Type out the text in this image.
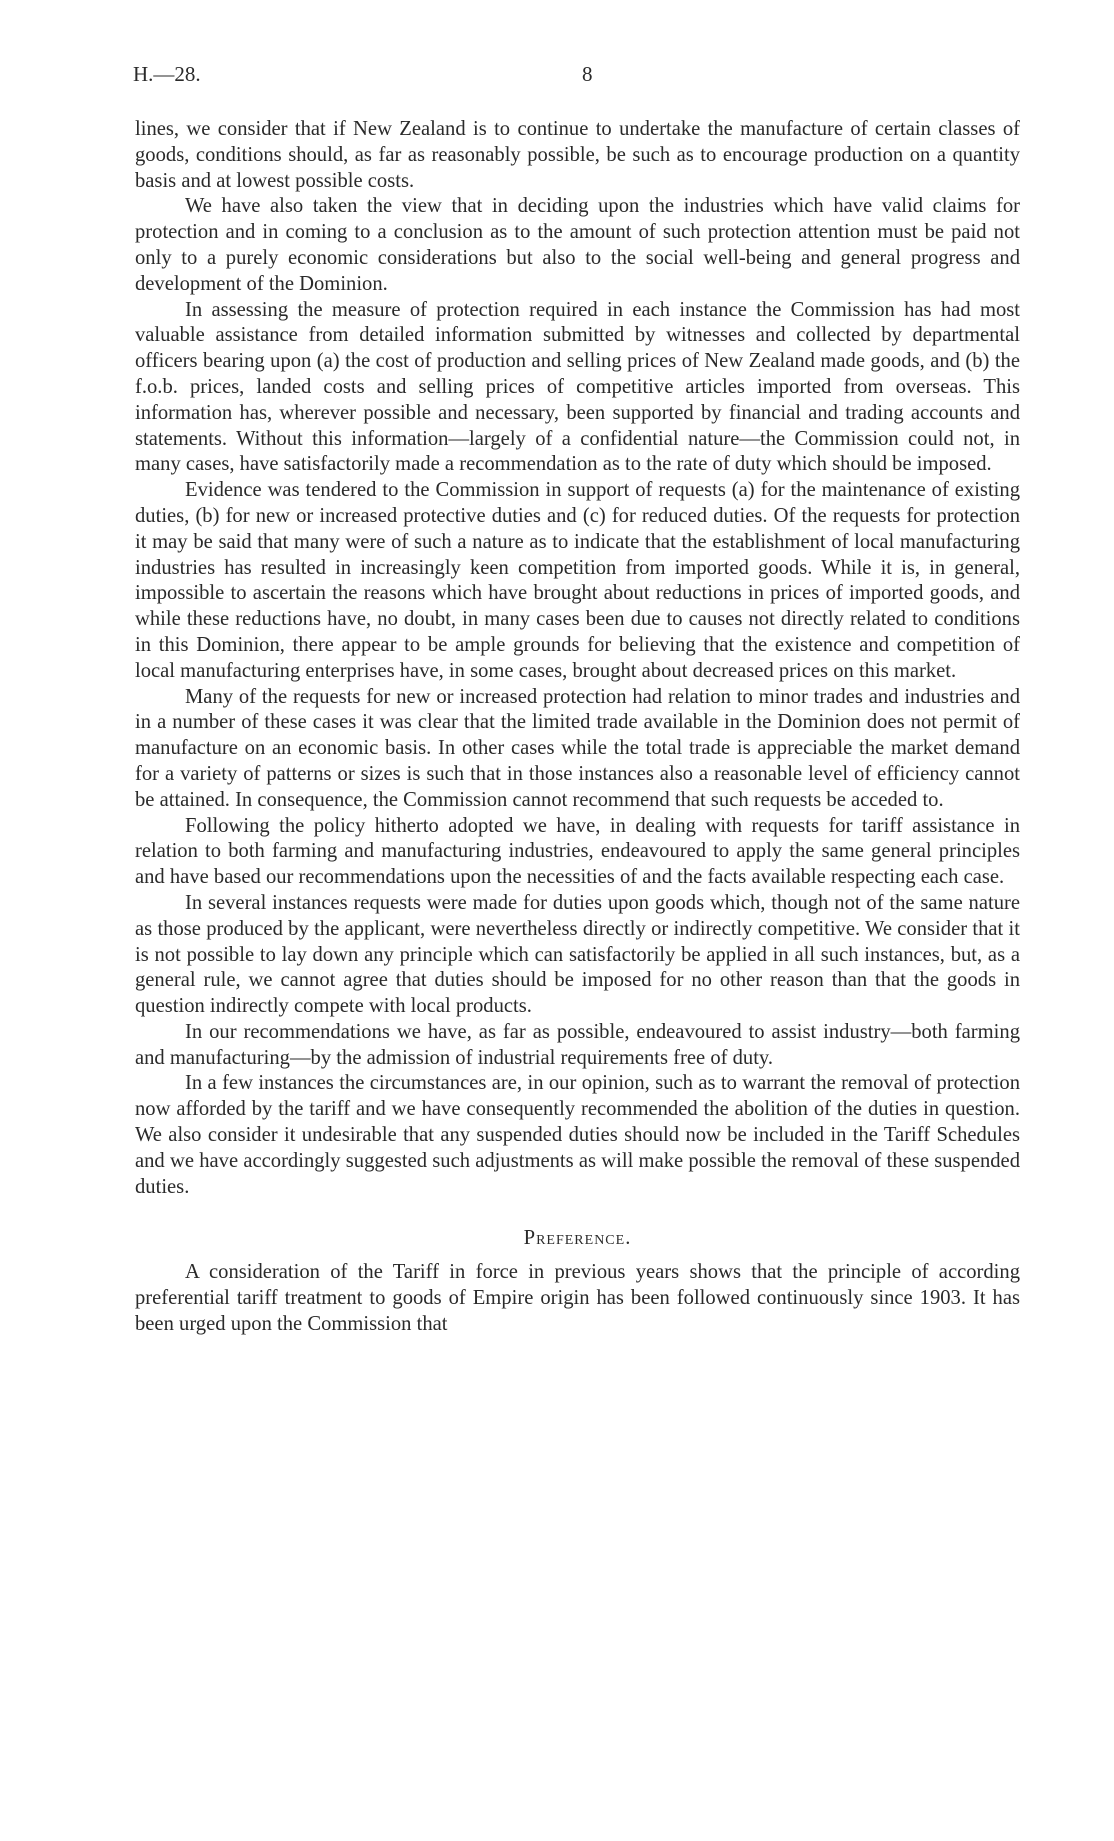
H.—28.	8

lines, we consider that if New Zealand is to continue to undertake the manufacture of certain classes of goods, conditions should, as far as reasonably possible, be such as to encourage production on a quantity basis and at lowest possible costs.

We have also taken the view that in deciding upon the industries which have valid claims for protection and in coming to a conclusion as to the amount of such protection attention must be paid not only to a purely economic considerations but also to the social well-being and general progress and development of the Dominion.

In assessing the measure of protection required in each instance the Commission has had most valuable assistance from detailed information submitted by witnesses and collected by departmental officers bearing upon (a) the cost of production and selling prices of New Zealand made goods, and (b) the f.o.b. prices, landed costs and selling prices of competitive articles imported from overseas. This information has, wherever possible and necessary, been supported by financial and trading accounts and statements. Without this information—largely of a confidential nature—the Commission could not, in many cases, have satisfactorily made a recommendation as to the rate of duty which should be imposed.

Evidence was tendered to the Commission in support of requests (a) for the maintenance of existing duties, (b) for new or increased protective duties and (c) for reduced duties. Of the requests for protection it may be said that many were of such a nature as to indicate that the establishment of local manufacturing industries has resulted in increasingly keen competition from imported goods. While it is, in general, impossible to ascertain the reasons which have brought about reductions in prices of imported goods, and while these reductions have, no doubt, in many cases been due to causes not directly related to conditions in this Dominion, there appear to be ample grounds for believing that the existence and competition of local manufacturing enterprises have, in some cases, brought about decreased prices on this market.

Many of the requests for new or increased protection had relation to minor trades and industries and in a number of these cases it was clear that the limited trade available in the Dominion does not permit of manufacture on an economic basis. In other cases while the total trade is appreciable the market demand for a variety of patterns or sizes is such that in those instances also a reasonable level of efficiency cannot be attained. In consequence, the Commission cannot recommend that such requests be acceded to.

Following the policy hitherto adopted we have, in dealing with requests for tariff assistance in relation to both farming and manufacturing industries, endeavoured to apply the same general principles and have based our recommendations upon the necessities of and the facts available respecting each case.

In several instances requests were made for duties upon goods which, though not of the same nature as those produced by the applicant, were nevertheless directly or indirectly competitive. We consider that it is not possible to lay down any principle which can satisfactorily be applied in all such instances, but, as a general rule, we cannot agree that duties should be imposed for no other reason than that the goods in question indirectly compete with local products.

In our recommendations we have, as far as possible, endeavoured to assist industry—both farming and manufacturing—by the admission of industrial requirements free of duty.

In a few instances the circumstances are, in our opinion, such as to warrant the removal of protection now afforded by the tariff and we have consequently recommended the abolition of the duties in question. We also consider it undesirable that any suspended duties should now be included in the Tariff Schedules and we have accordingly suggested such adjustments as will make possible the removal of these suspended duties.

Preference.

A consideration of the Tariff in force in previous years shows that the principle of according preferential tariff treatment to goods of Empire origin has been followed continuously since 1903. It has been urged upon the Commission that
